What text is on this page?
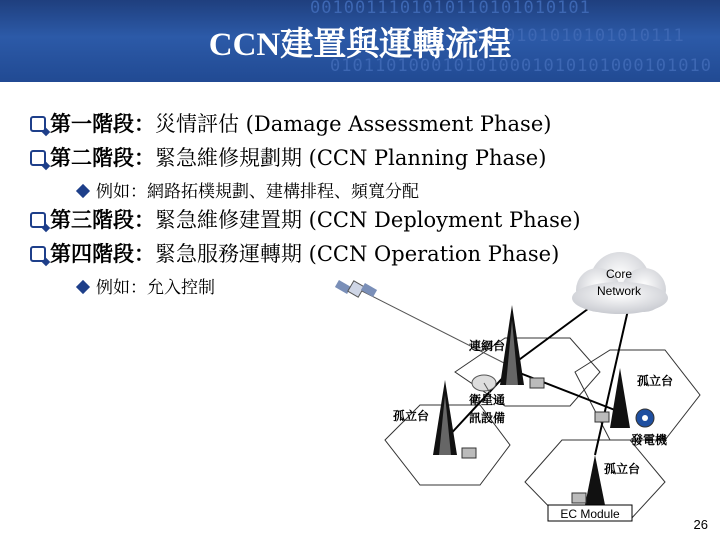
0010011101010110101010101
01010101010101010111
0101101000101010001010101000101010
CCN建置與運轉流程
第一階段：災情評估 (Damage Assessment Phase)
第二階段：緊急維修規劃期 (CCN Planning Phase)
例如：網路拓樸規劃、建構排程、頻寬分配
第三階段：緊急維修建置期 (CCN Deployment Phase)
第四階段：緊急服務運轉期 (CCN Operation Phase)
例如：允入控制
Core
Network
連網台
孤立台
孤立台
衛星通
訊設備
發電機
孤立台
EC Module
26
